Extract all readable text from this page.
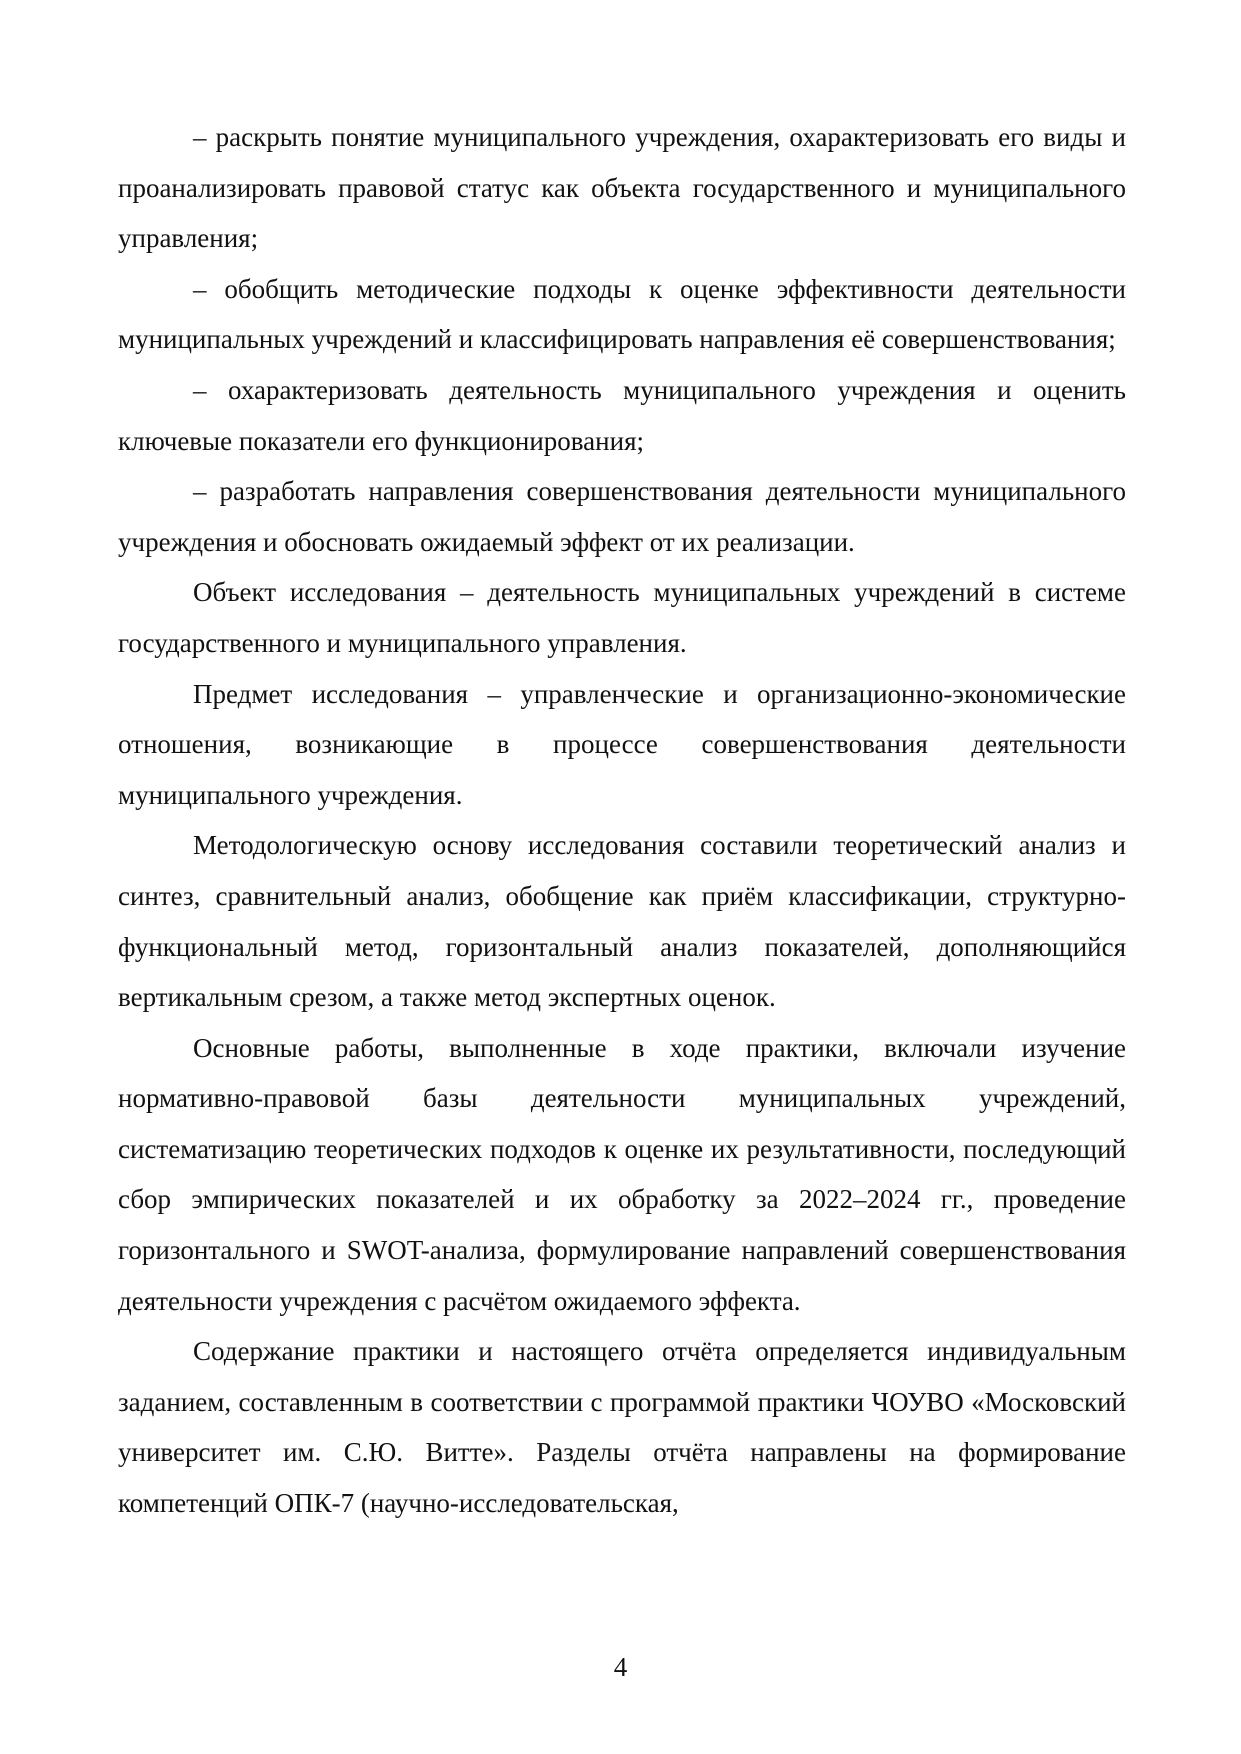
– раскрыть понятие муниципального учреждения, охарактеризовать его виды и проанализировать правовой статус как объекта государственного и муниципального управления;

– обобщить методические подходы к оценке эффективности деятельности муниципальных учреждений и классифицировать направления её совершенствования;

– охарактеризовать деятельность муниципального учреждения и оценить ключевые показатели его функционирования;

– разработать направления совершенствования деятельности муниципального учреждения и обосновать ожидаемый эффект от их реализации.

Объект исследования – деятельность муниципальных учреждений в системе государственного и муниципального управления.

Предмет исследования – управленческие и организационно-экономические отношения, возникающие в процессе совершенствования деятельности муниципального учреждения.

Методологическую основу исследования составили теоретический анализ и синтез, сравнительный анализ, обобщение как приём классификации, структурно-функциональный метод, горизонтальный анализ показателей, дополняющийся вертикальным срезом, а также метод экспертных оценок.

Основные работы, выполненные в ходе практики, включали изучение нормативно-правовой базы деятельности муниципальных учреждений, систематизацию теоретических подходов к оценке их результативности, последующий сбор эмпирических показателей и их обработку за 2022–2024 гг., проведение горизонтального и SWOT-анализа, формулирование направлений совершенствования деятельности учреждения с расчётом ожидаемого эффекта.

Содержание практики и настоящего отчёта определяется индивидуальным заданием, составленным в соответствии с программой практики ЧОУВО «Московский университет им. С.Ю. Витте». Разделы отчёта направлены на формирование компетенций ОПК-7 (научно-исследовательская,

4
